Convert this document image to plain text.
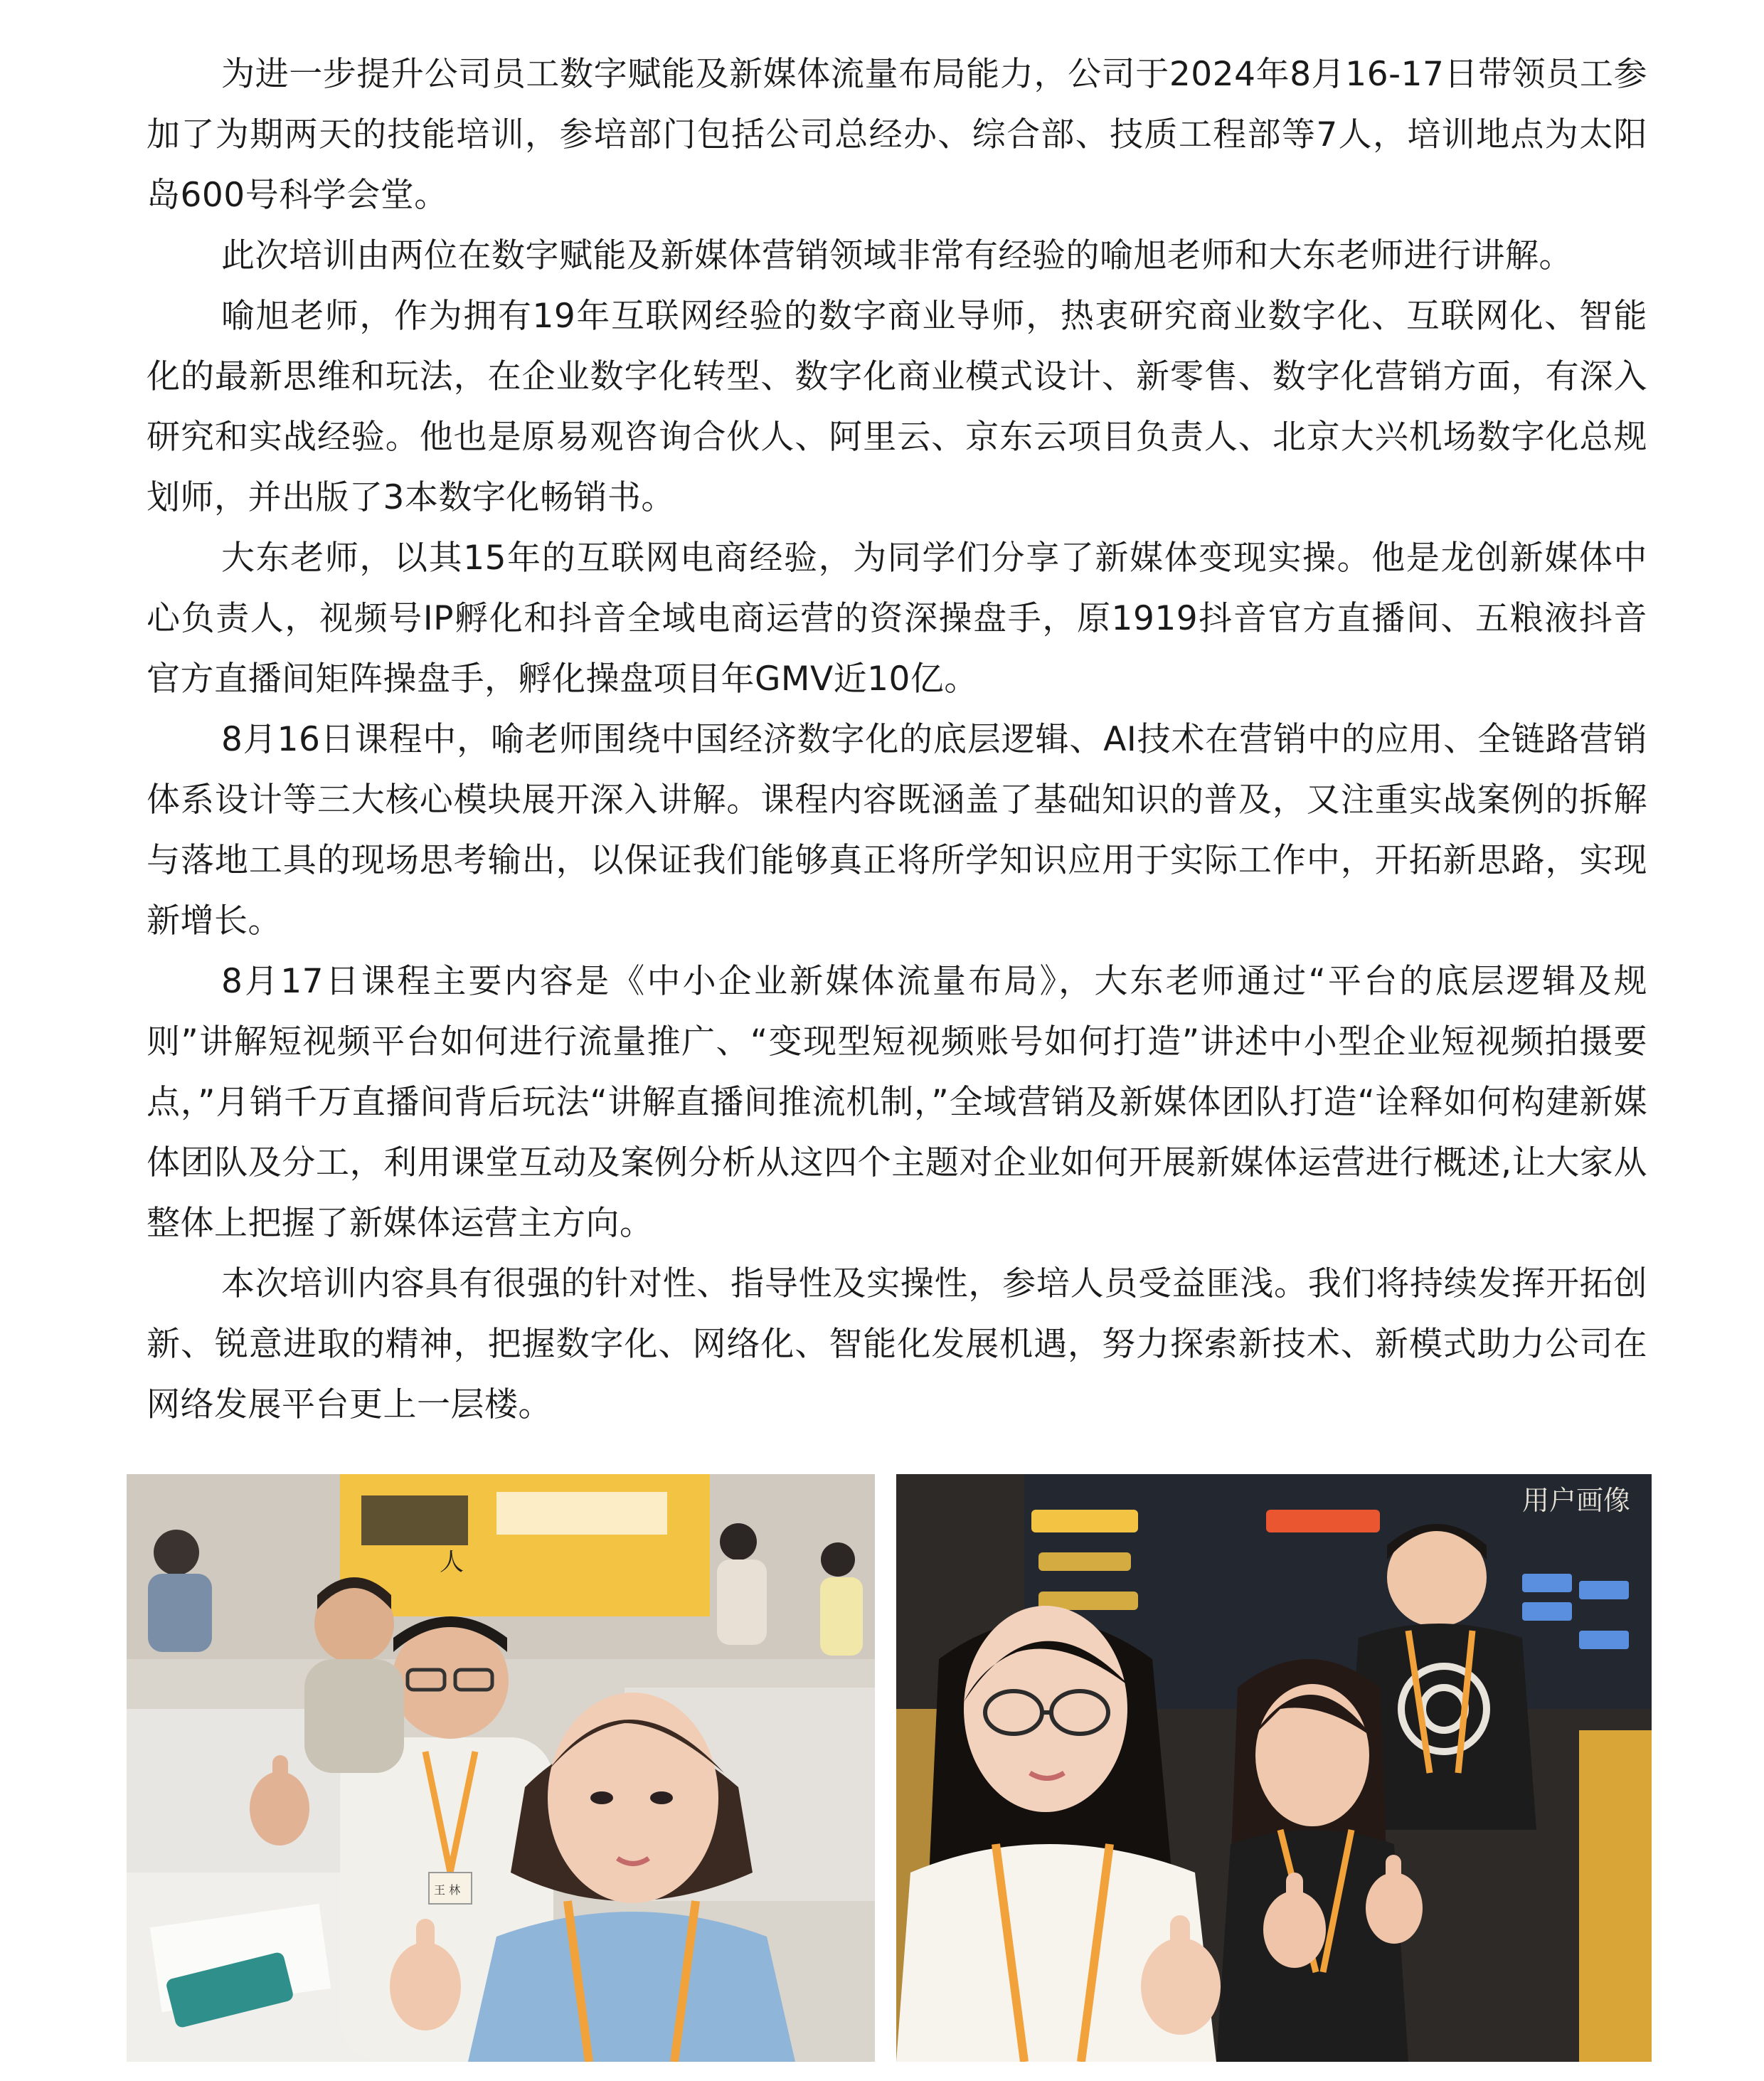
为进一步提升公司员工数字赋能及新媒体流量布局能力，公司于2024年8月16-17日带领员工参加了为期两天的技能培训，参培部门包括公司总经办、综合部、技质工程部等7人，培训地点为太阳岛600号科学会堂。

此次培训由两位在数字赋能及新媒体营销领域非常有经验的喻旭老师和大东老师进行讲解。

喻旭老师，作为拥有19年互联网经验的数字商业导师，热衷研究商业数字化、互联网化、智能化的最新思维和玩法，在企业数字化转型、数字化商业模式设计、新零售、数字化营销方面，有深入研究和实战经验。他也是原易观咨询合伙人、阿里云、京东云项目负责人、北京大兴机场数字化总规划师，并出版了3本数字化畅销书。

大东老师，以其15年的互联网电商经验，为同学们分享了新媒体变现实操。他是龙创新媒体中心负责人，视频号IP孵化和抖音全域电商运营的资深操盘手，原1919抖音官方直播间、五粮液抖音官方直播间矩阵操盘手，孵化操盘项目年GMV近10亿。

8月16日课程中，喻老师围绕中国经济数字化的底层逻辑、AI技术在营销中的应用、全链路营销体系设计等三大核心模块展开深入讲解。课程内容既涵盖了基础知识的普及，又注重实战案例的拆解与落地工具的现场思考输出，以保证我们能够真正将所学知识应用于实际工作中，开拓新思路，实现新增长。

8月17日课程主要内容是《中小企业新媒体流量布局》，大东老师通过“平台的底层逻辑及规则”讲解短视频平台如何进行流量推广、“变现型短视频账号如何打造”讲述中小型企业短视频拍摄要点，”月销千万直播间背后玩法“讲解直播间推流机制，”全域营销及新媒体团队打造“诠释如何构建新媒体团队及分工，利用课堂互动及案例分析从这四个主题对企业如何开展新媒体运营进行概述,让大家从整体上把握了新媒体运营主方向。

本次培训内容具有很强的针对性、指导性及实操性，参培人员受益匪浅。我们将持续发挥开拓创新、锐意进取的精神，把握数字化、网络化、智能化发展机遇，努力探索新技术、新模式助力公司在网络发展平台更上一层楼。

人
王 林
用户画像
